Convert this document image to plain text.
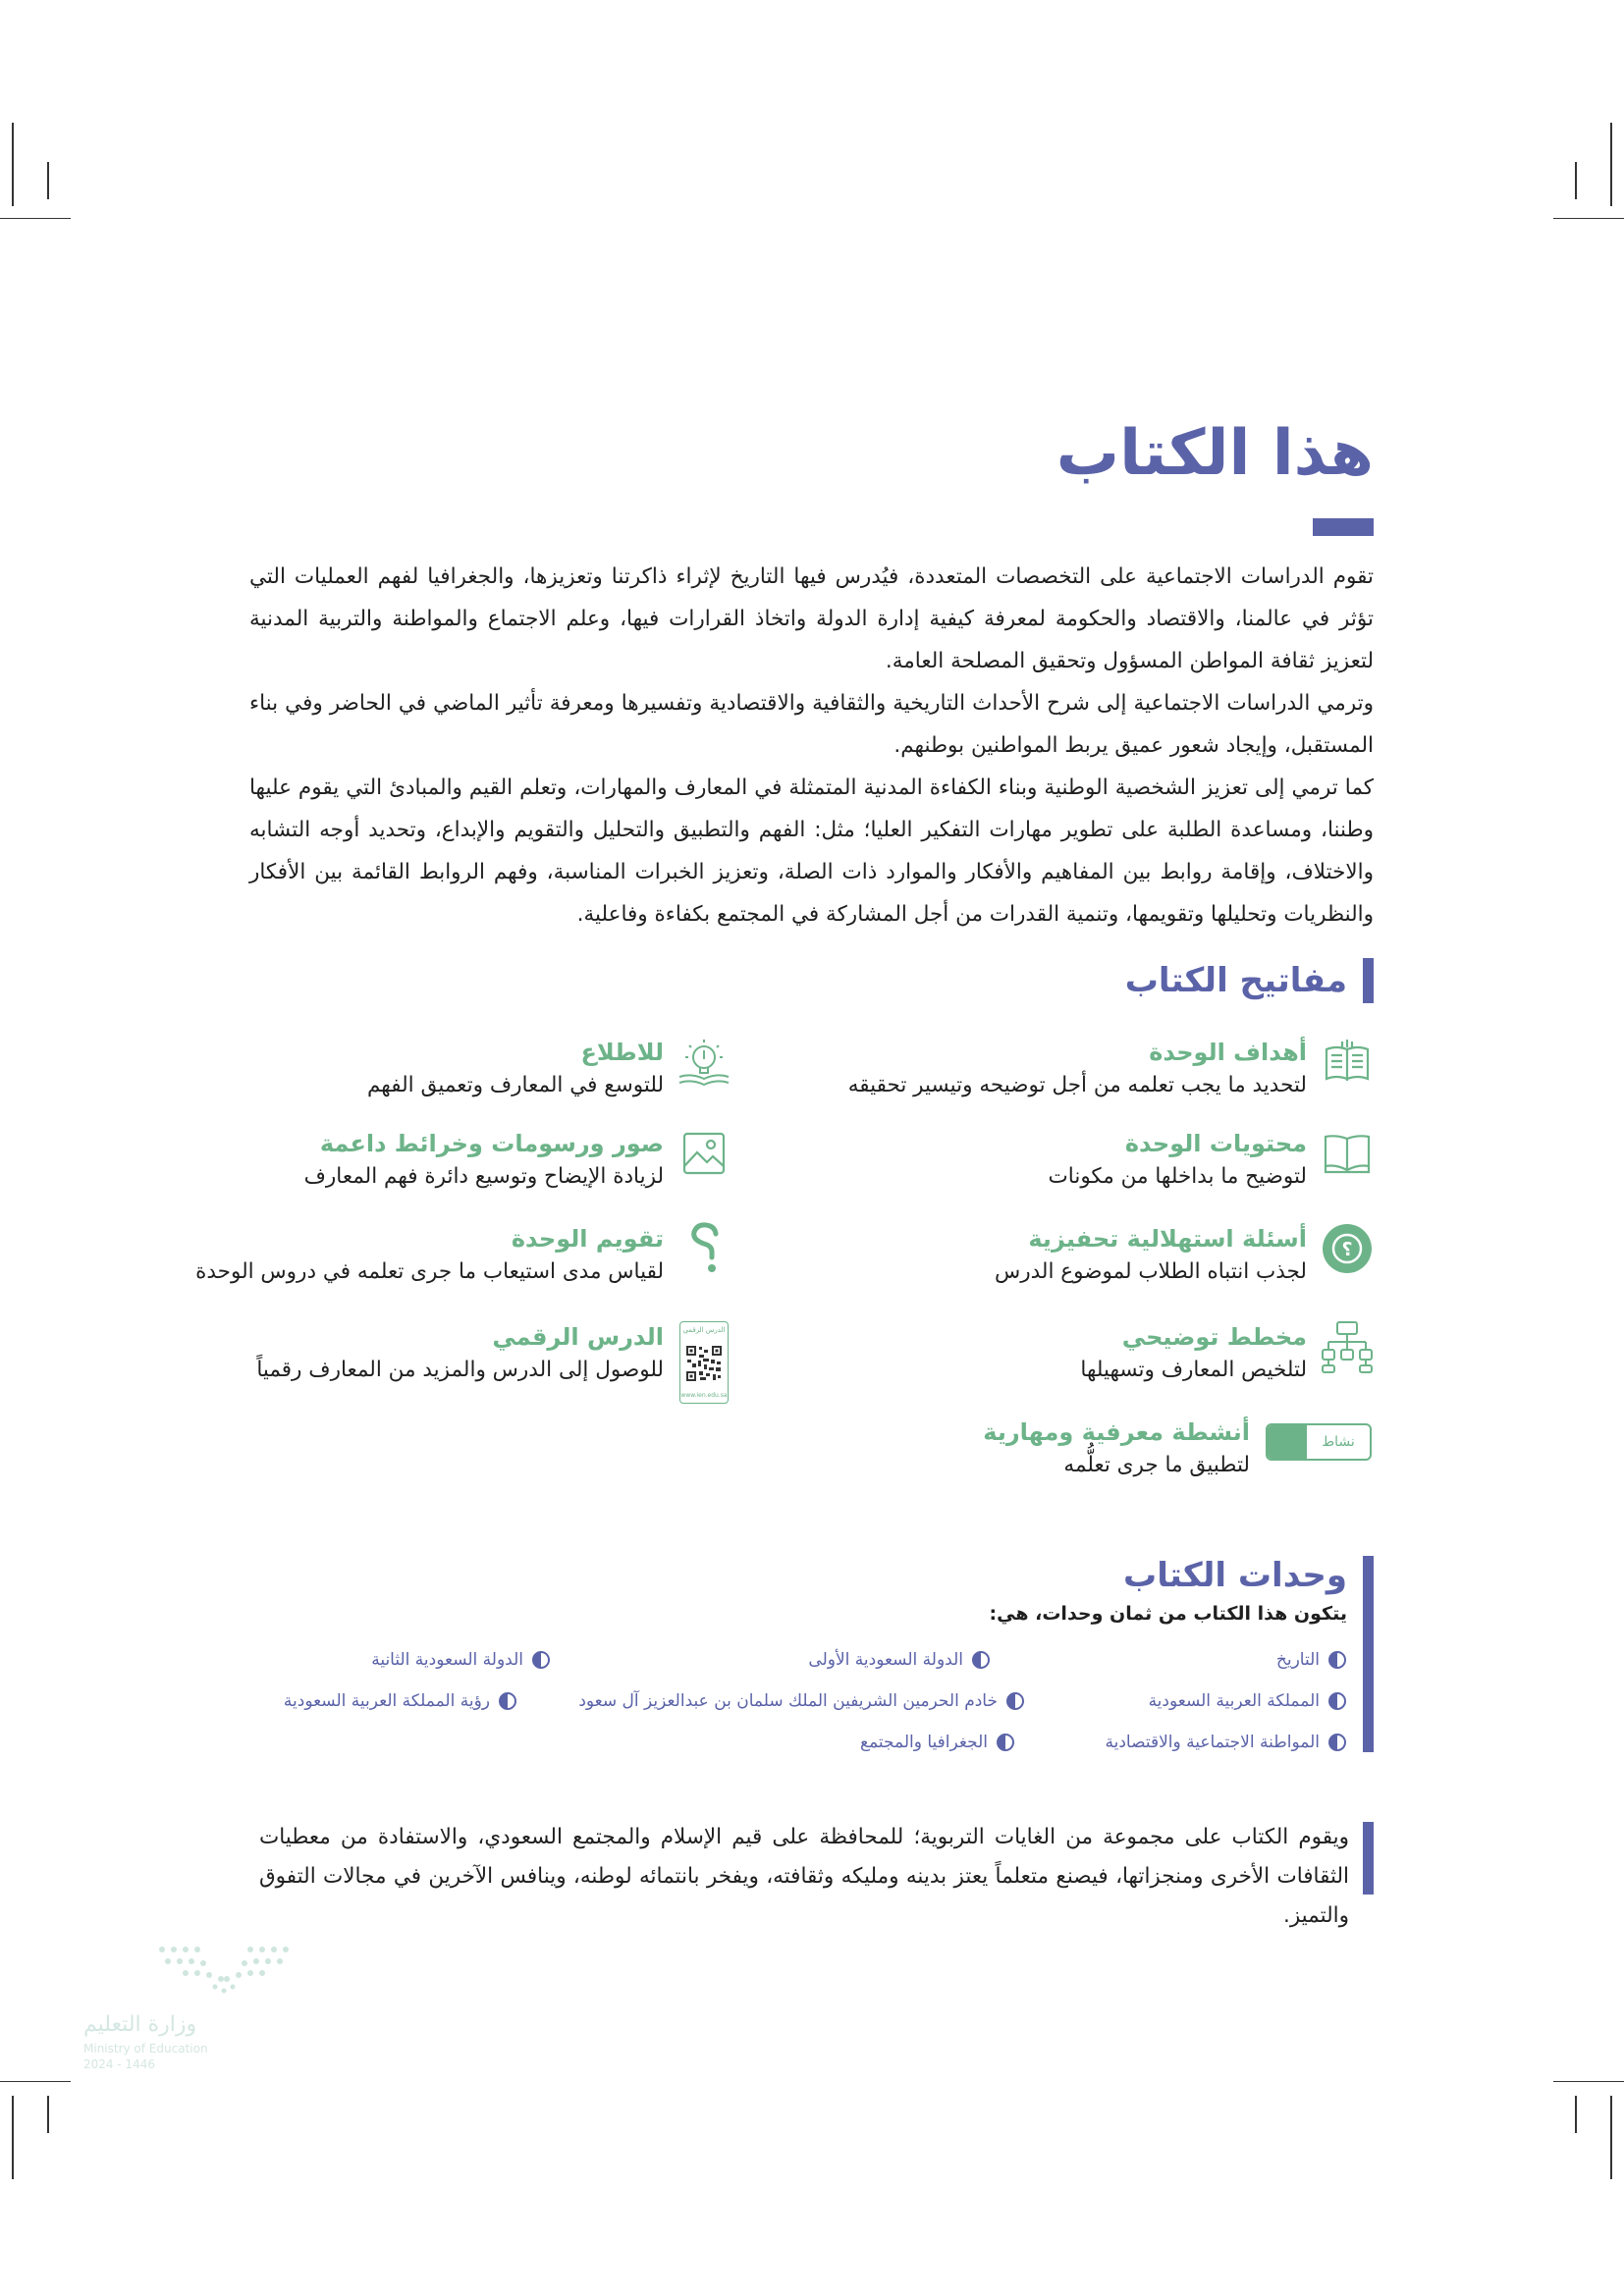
هذا الكتاب

تقوم الدراسات الاجتماعية على التخصصات المتعددة، فيُدرس فيها التاريخ لإثراء ذاكرتنا وتعزيزها، والجغرافيا لفهم العمليات التي تؤثر في عالمنا، والاقتصاد والحكومة لمعرفة كيفية إدارة الدولة واتخاذ القرارات فيها، وعلم الاجتماع والمواطنة والتربية المدنية لتعزيز ثقافة المواطن المسؤول وتحقيق المصلحة العامة.

وترمي الدراسات الاجتماعية إلى شرح الأحداث التاريخية والثقافية والاقتصادية وتفسيرها ومعرفة تأثير الماضي في الحاضر وفي بناء المستقبل، وإيجاد شعور عميق يربط المواطنين بوطنهم.

كما ترمي إلى تعزيز الشخصية الوطنية وبناء الكفاءة المدنية المتمثلة في المعارف والمهارات، وتعلم القيم والمبادئ التي يقوم عليها وطننا، ومساعدة الطلبة على تطوير مهارات التفكير العليا؛ مثل: الفهم والتطبيق والتحليل والتقويم والإبداع، وتحديد أوجه التشابه والاختلاف، وإقامة روابط بين المفاهيم والأفكار والموارد ذات الصلة، وتعزيز الخبرات المناسبة، وفهم الروابط القائمة بين الأفكار والنظريات وتحليلها وتقويمها، وتنمية القدرات من أجل المشاركة في المجتمع بكفاءة وفاعلية.

مفاتيح الكتاب
أهداف الوحدة
لتحديد ما يجب تعلمه من أجل توضيحه وتيسير تحقيقه
محتويات الوحدة
لتوضيح ما بداخلها من مكونات
؟
أسئلة استهلالية تحفيزية
لجذب انتباه الطلاب لموضوع الدرس
مخطط توضيحي
لتلخيص المعارف وتسهيلها
نشاط
أنشطة معرفية ومهارية
لتطبيق ما جرى تعلُّمه
للاطلاع
للتوسع في المعارف وتعميق الفهم
صور ورسومات وخرائط داعمة
لزيادة الإيضاح وتوسيع دائرة فهم المعارف
تقويم الوحدة
لقياس مدى استيعاب ما جرى تعلمه في دروس الوحدة
الدرس الرقمي
www.ien.edu.sa
الدرس الرقمي
للوصول إلى الدرس والمزيد من المعارف رقمياً
وحدات الكتاب
يتكون هذا الكتاب من ثمان وحدات، هي:
التاريخ
الدولة السعودية الأولى
الدولة السعودية الثانية
المملكة العربية السعودية
خادم الحرمين الشريفين الملك سلمان بن عبدالعزيز آل سعود
رؤية المملكة العربية السعودية
المواطنة الاجتماعية والاقتصادية
الجغرافيا والمجتمع

ويقوم الكتاب على مجموعة من الغايات التربوية؛ للمحافظة على قيم الإسلام والمجتمع السعودي، والاستفادة من معطيات الثقافات الأخرى ومنجزاتها، فيصنع متعلماً يعتز بدينه ومليكه وثقافته، ويفخر بانتمائه لوطنه، وينافس الآخرين في مجالات التفوق والتميز.

وزارة التعليم
Ministry of Education
2024 - 1446
